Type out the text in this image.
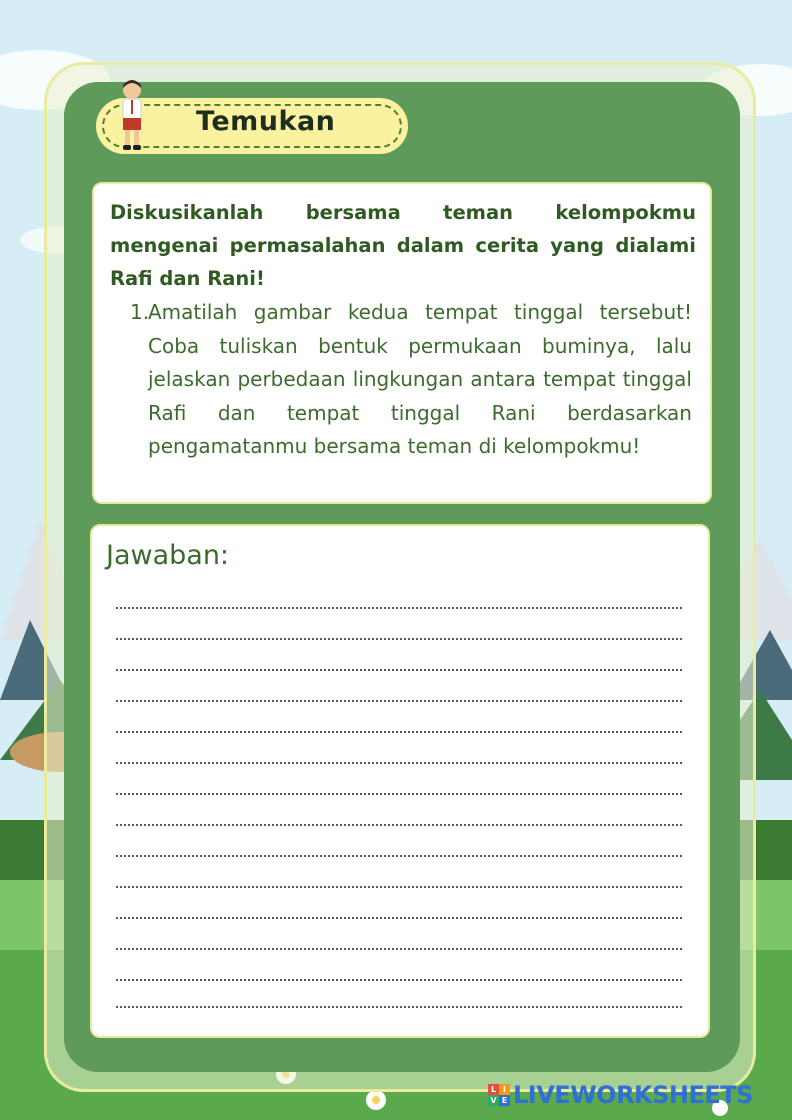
Temukan

Diskusikanlah bersama teman kelompokmu mengenai permasalahan dalam cerita yang dialami Rafi dan Rani!

1.

Amatilah gambar kedua tempat tinggal tersebut! Coba tuliskan bentuk permukaan buminya, lalu jelaskan perbedaan lingkungan antara tempat tinggal Rafi dan tempat tinggal Rani berdasarkan pengamatanmu bersama teman di kelompokmu!

Jawaban:
L I
V E LIVEWORKSHEETS
